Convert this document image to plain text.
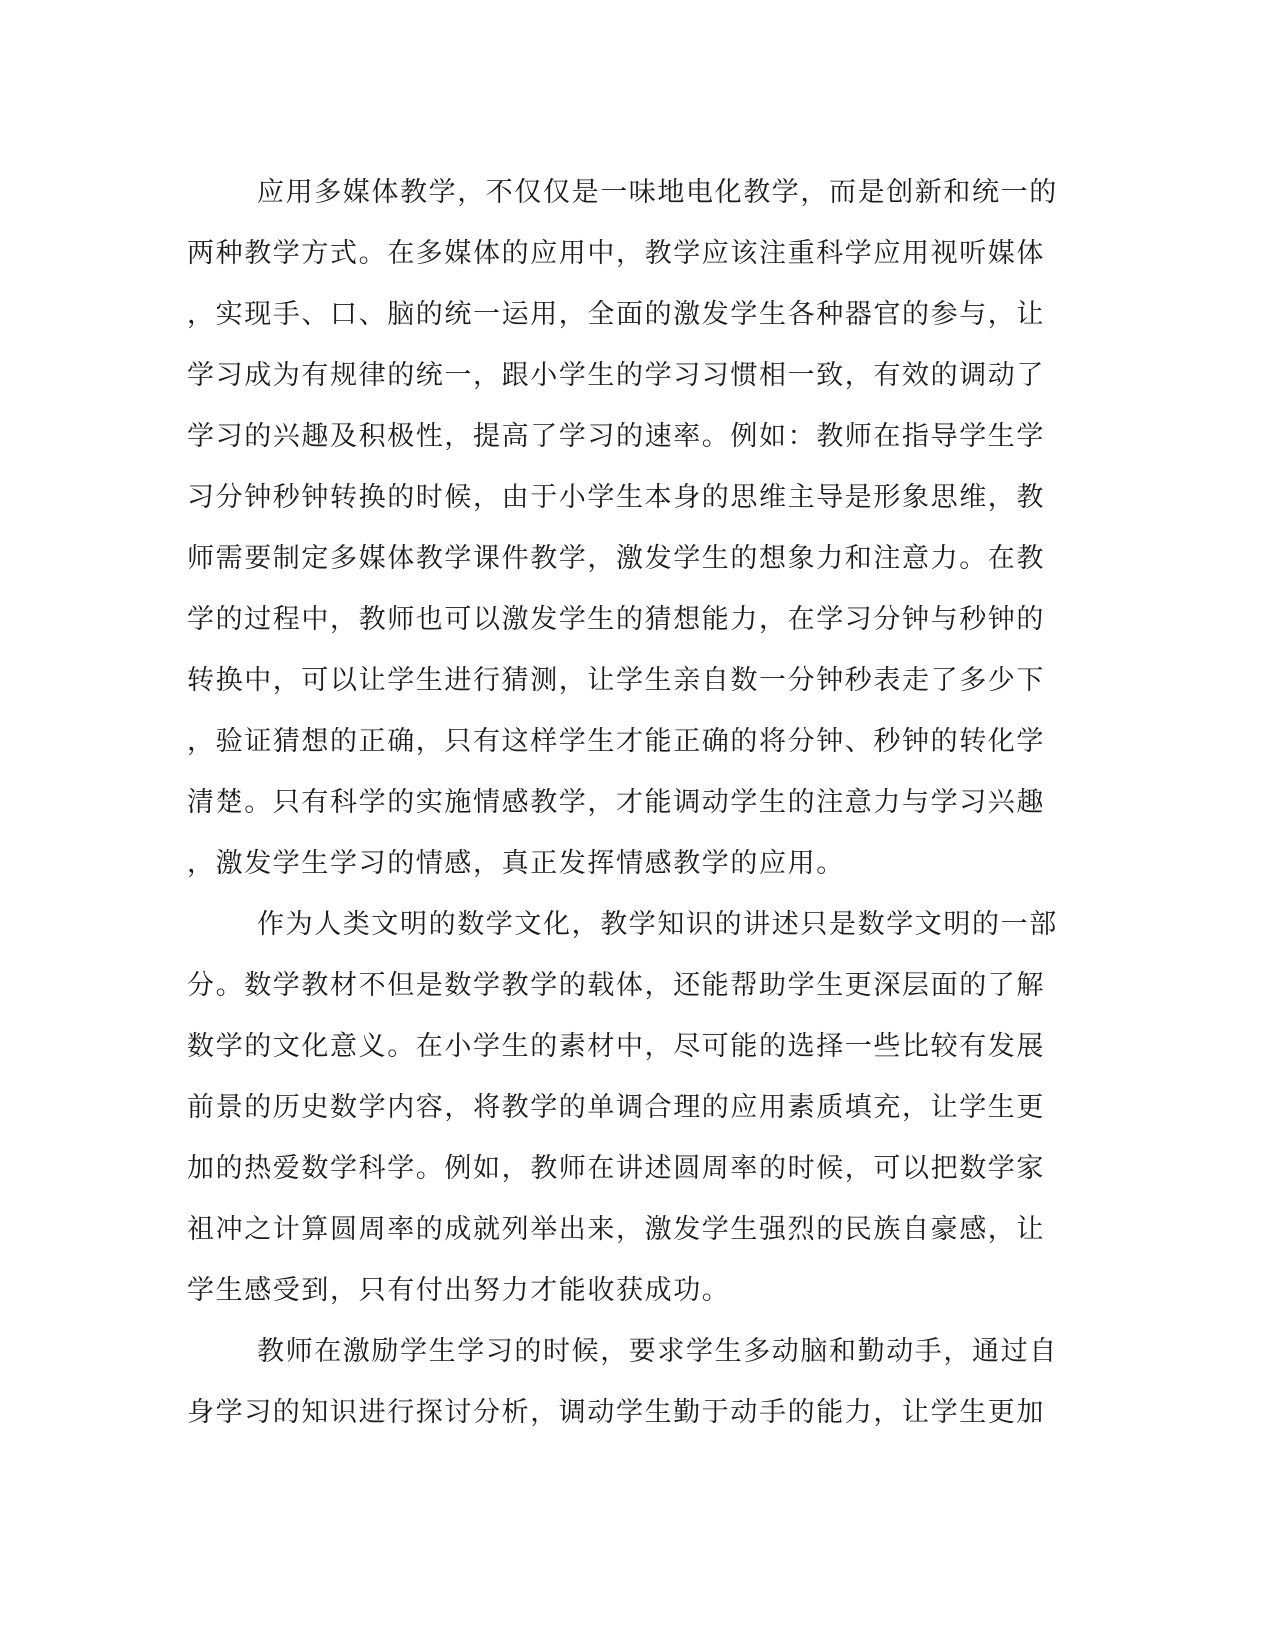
应用多媒体教学，不仅仅是一味地电化教学，而是创新和统一的
两种教学方式。在多媒体的应用中，教学应该注重科学应用视听媒体
，实现手、口、脑的统一运用，全面的激发学生各种器官的参与，让
学习成为有规律的统一，跟小学生的学习习惯相一致，有效的调动了
学习的兴趣及积极性，提高了学习的速率。例如：教师在指导学生学
习分钟秒钟转换的时候，由于小学生本身的思维主导是形象思维，教
师需要制定多媒体教学课件教学，激发学生的想象力和注意力。在教
学的过程中，教师也可以激发学生的猜想能力，在学习分钟与秒钟的
转换中，可以让学生进行猜测，让学生亲自数一分钟秒表走了多少下
，验证猜想的正确，只有这样学生才能正确的将分钟、秒钟的转化学
清楚。只有科学的实施情感教学，才能调动学生的注意力与学习兴趣
，激发学生学习的情感，真正发挥情感教学的应用。
作为人类文明的数学文化，教学知识的讲述只是数学文明的一部
分。数学教材不但是数学教学的载体，还能帮助学生更深层面的了解
数学的文化意义。在小学生的素材中，尽可能的选择一些比较有发展
前景的历史数学内容，将教学的单调合理的应用素质填充，让学生更
加的热爱数学科学。例如，教师在讲述圆周率的时候，可以把数学家
祖冲之计算圆周率的成就列举出来，激发学生强烈的民族自豪感，让
学生感受到，只有付出努力才能收获成功。
教师在激励学生学习的时候，要求学生多动脑和勤动手，通过自
身学习的知识进行探讨分析，调动学生勤于动手的能力，让学生更加
